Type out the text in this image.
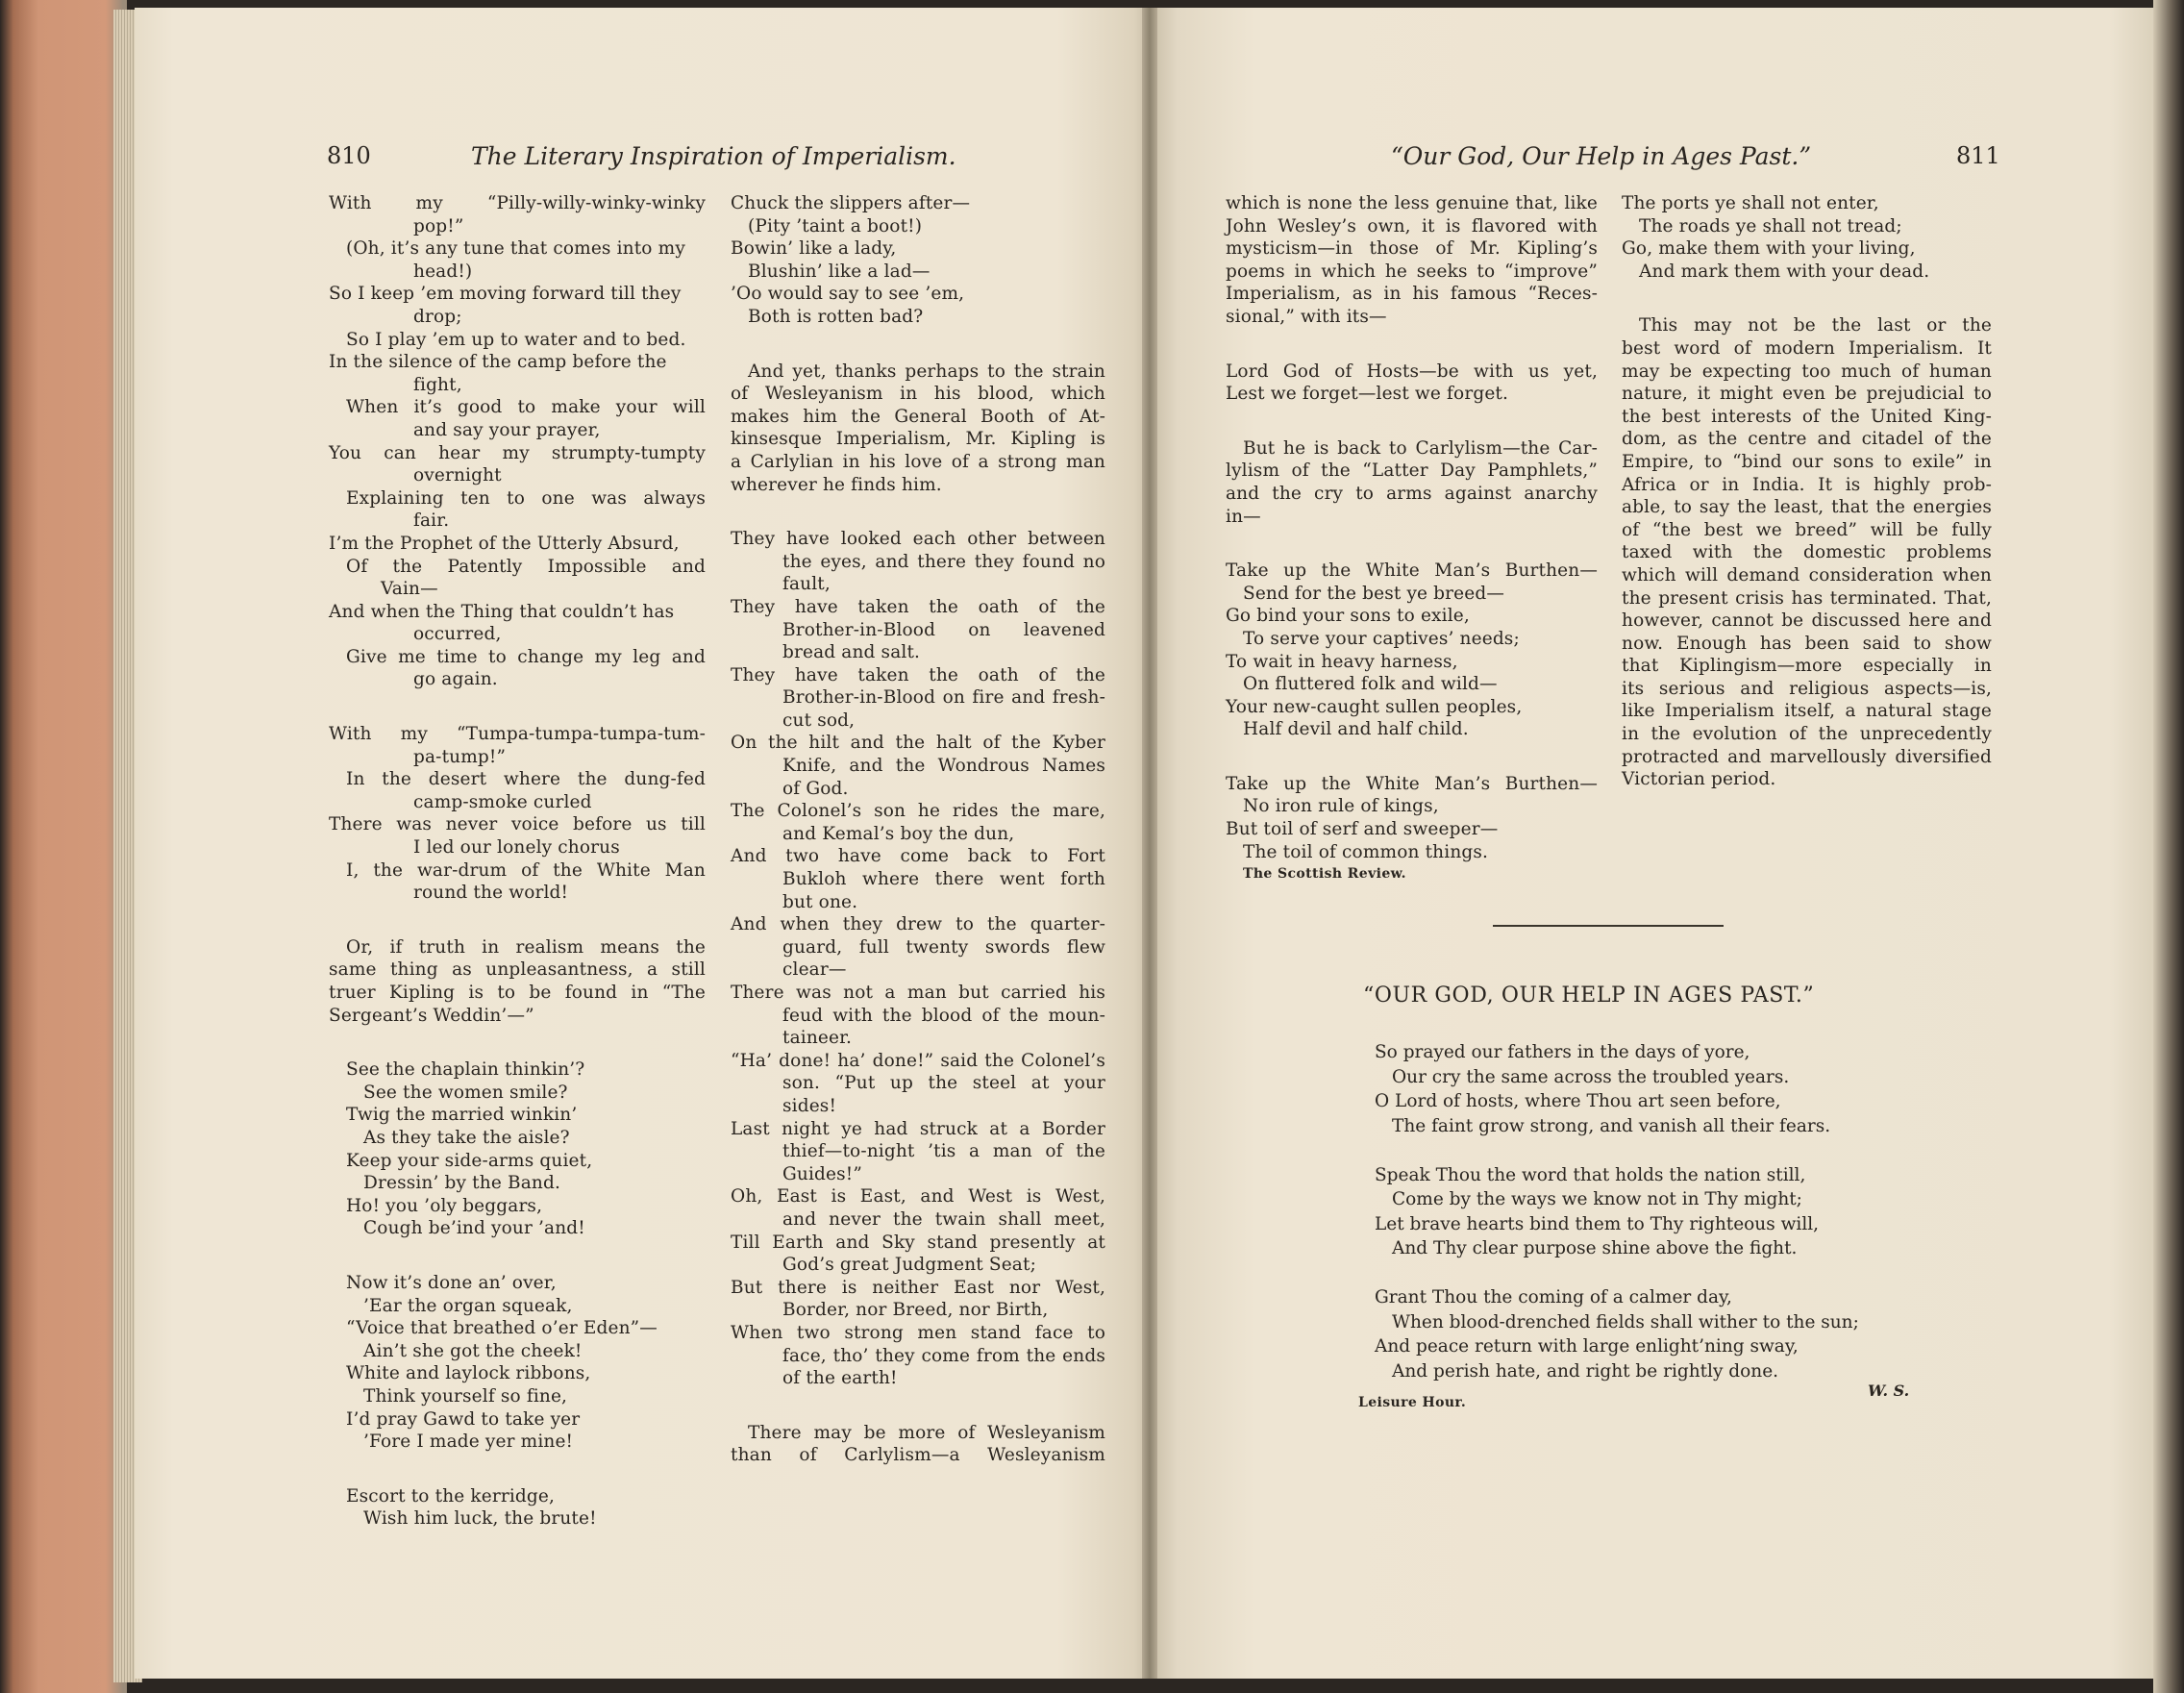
810	The Literary Inspiration of Imperialism.	“Our God, Our Help in Ages Past.”	811
With my “Pilly-willy-winky-winky
pop!”
(Oh, it’s any tune that comes into my
head!)
So I keep ’em moving forward till they
drop;
So I play ’em up to water and to bed.
In the silence of the camp before the
fight,
When it’s good to make your will
and say your prayer,
You can hear my strumpty-tumpty
overnight
Explaining ten to one was always
fair.
I’m the Prophet of the Utterly Absurd,
Of the Patently Impossible and
Vain—
And when the Thing that couldn’t has
occurred,
Give me time to change my leg and
go again.
With my “Tumpa-tumpa-tumpa-tum-
pa-tump!”
In the desert where the dung-fed
camp-smoke curled
There was never voice before us till
I led our lonely chorus
I, the war-drum of the White Man
round the world!
Or, if truth in realism means the
same thing as unpleasantness, a still
truer Kipling is to be found in “The
Sergeant’s Weddin’—”
See the chaplain thinkin’?
See the women smile?
Twig the married winkin’
As they take the aisle?
Keep your side-arms quiet,
Dressin’ by the Band.
Ho! you ’oly beggars,
Cough be’ind your ’and!
Now it’s done an’ over,
’Ear the organ squeak,
“Voice that breathed o’er Eden”—
Ain’t she got the cheek!
White and laylock ribbons,
Think yourself so fine,
I’d pray Gawd to take yer
’Fore I made yer mine!
Escort to the kerridge,
Wish him luck, the brute!
Chuck the slippers after—
(Pity ’taint a boot!)
Bowin’ like a lady,
Blushin’ like a lad—
’Oo would say to see ’em,
Both is rotten bad?
And yet, thanks perhaps to the strain
of Wesleyanism in his blood, which
makes him the General Booth of At-
kinsesque Imperialism, Mr. Kipling is
a Carlylian in his love of a strong man
wherever he finds him.
They have looked each other between
the eyes, and there they found no
fault,
They have taken the oath of the
Brother-in-Blood on leavened
bread and salt.
They have taken the oath of the
Brother-in-Blood on fire and fresh-
cut sod,
On the hilt and the halt of the Kyber
Knife, and the Wondrous Names
of God.
The Colonel’s son he rides the mare,
and Kemal’s boy the dun,
And two have come back to Fort
Bukloh where there went forth
but one.
And when they drew to the quarter-
guard, full twenty swords flew
clear—
There was not a man but carried his
feud with the blood of the moun-
taineer.
“Ha’ done! ha’ done!” said the Colonel’s
son. “Put up the steel at your
sides!
Last night ye had struck at a Border
thief—to-night ’tis a man of the
Guides!”
Oh, East is East, and West is West,
and never the twain shall meet,
Till Earth and Sky stand presently at
God’s great Judgment Seat;
But there is neither East nor West,
Border, nor Breed, nor Birth,
When two strong men stand face to
face, tho’ they come from the ends
of the earth!
There may be more of Wesleyanism
than of Carlylism—a Wesleyanism
which is none the less genuine that, like
John Wesley’s own, it is flavored with
mysticism—in those of Mr. Kipling’s
poems in which he seeks to “improve”
Imperialism, as in his famous “Reces-
sional,” with its—
Lord God of Hosts—be with us yet,
Lest we forget—lest we forget.
But he is back to Carlylism—the Car-
lylism of the “Latter Day Pamphlets,”
and the cry to arms against anarchy
in—
Take up the White Man’s Burthen—
Send for the best ye breed—
Go bind your sons to exile,
To serve your captives’ needs;
To wait in heavy harness,
On fluttered folk and wild—
Your new-caught sullen peoples,
Half devil and half child.
Take up the White Man’s Burthen—
No iron rule of kings,
But toil of serf and sweeper—
The toil of common things.
The Scottish Review.
The ports ye shall not enter,
The roads ye shall not tread;
Go, make them with your living,
And mark them with your dead.
This may not be the last or the
best word of modern Imperialism. It
may be expecting too much of human
nature, it might even be prejudicial to
the best interests of the United King-
dom, as the centre and citadel of the
Empire, to “bind our sons to exile” in
Africa or in India. It is highly prob-
able, to say the least, that the energies
of “the best we breed” will be fully
taxed with the domestic problems
which will demand consideration when
the present crisis has terminated. That,
however, cannot be discussed here and
now. Enough has been said to show
that Kiplingism—more especially in
its serious and religious aspects—is,
like Imperialism itself, a natural stage
in the evolution of the unprecedently
protracted and marvellously diversified
Victorian period.
“OUR GOD, OUR HELP IN AGES PAST.”
So prayed our fathers in the days of yore,
Our cry the same across the troubled years.
O Lord of hosts, where Thou art seen before,
The faint grow strong, and vanish all their fears.
Speak Thou the word that holds the nation still,
Come by the ways we know not in Thy might;
Let brave hearts bind them to Thy righteous will,
And Thy clear purpose shine above the fight.
Grant Thou the coming of a calmer day,
When blood-drenched fields shall wither to the sun;
And peace return with large enlight’ning sway,
And perish hate, and right be rightly done.
W. S.
Leisure Hour.
